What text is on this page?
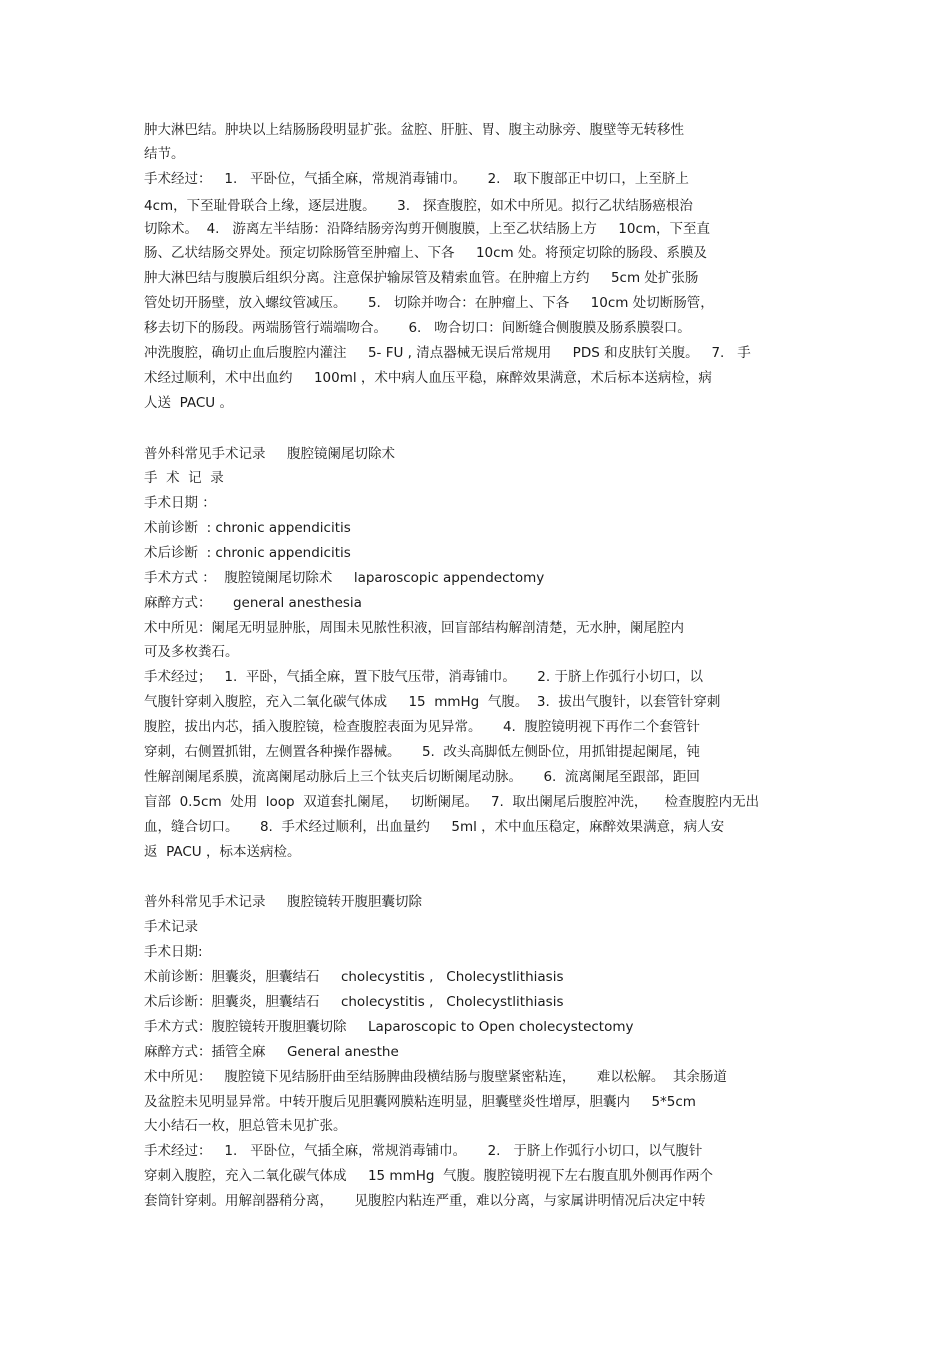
肿大淋巴结。肿块以上结肠肠段明显扩张。盆腔、肝脏、胃、腹主动脉旁、腹壁等无转移性
结节。
手术经过：   1.   平卧位，气插全麻，常规消毒铺巾。     2.   取下腹部正中切口，上至脐上
4cm，下至耻骨联合上缘，逐层进腹。     3.   探查腹腔，如术中所见。拟行乙状结肠癌根治
切除术。  4.   游离左半结肠：沿降结肠旁沟剪开侧腹膜，上至乙状结肠上方     10cm，下至直
肠、乙状结肠交界处。预定切除肠管至肿瘤上、下各     10cm 处。将预定切除的肠段、系膜及
肿大淋巴结与腹膜后组织分离。注意保护输尿管及精索血管。在肿瘤上方约     5cm 处扩张肠
管处切开肠壁，放入螺纹管减压。     5.   切除并吻合：在肿瘤上、下各     10cm 处切断肠管，
移去切下的肠段。两端肠管行端端吻合。     6.   吻合切口：间断缝合侧腹膜及肠系膜裂口。
冲洗腹腔，确切止血后腹腔内灌注     5- FU , 清点器械无误后常规用     PDS 和皮肤钉关腹。   7.   手
术经过顺利，术中出血约     100ml ，术中病人血压平稳，麻醉效果满意，术后标本送病检，病
人送  PACU 。
普外科常见手术记录     腹腔镜阑尾切除术
手  术  记  录
手术日期 ：
术前诊断  : chronic appendicitis
术后诊断  : chronic appendicitis
手术方式 ：  腹腔镜阑尾切除术     laparoscopic appendectomy
麻醉方式：     general anesthesia
术中所见：阑尾无明显肿胀，周围未见脓性积液，回盲部结构解剖清楚，无水肿，阑尾腔内
可及多枚粪石。
手术经过；   1.  平卧，气插全麻，置下肢气压带，消毒铺巾。     2. 于脐上作弧行小切口，以
气腹针穿刺入腹腔，充入二氧化碳气体成     15  mmHg  气腹。  3.  拔出气腹针，以套管针穿刺
腹腔，拔出内芯，插入腹腔镜，检查腹腔表面为见异常。     4.  腹腔镜明视下再作二个套管针
穿刺，右侧置抓钳，左侧置各种操作器械。     5.  改头高脚低左侧卧位，用抓钳提起阑尾，钝
性解剖阑尾系膜，流离阑尾动脉后上三个钛夹后切断阑尾动脉。     6.  流离阑尾至跟部，距回
盲部  0.5cm  处用  loop  双道套扎阑尾，   切断阑尾。   7.  取出阑尾后腹腔冲洗，    检查腹腔内无出
血，缝合切口。     8.  手术经过顺利，出血量约     5ml ，术中血压稳定，麻醉效果满意，病人安
返  PACU ，标本送病检。
普外科常见手术记录     腹腔镜转开腹胆囊切除
手术记录
手术日期:
术前诊断：胆囊炎，胆囊结石     cholecystitis ,   Cholecystlithiasis
术后诊断：胆囊炎，胆囊结石     cholecystitis ,   Cholecystlithiasis
手术方式：腹腔镜转开腹胆囊切除     Laparoscopic to Open cholecystectomy
麻醉方式：插管全麻     General anesthe
术中所见：   腹腔镜下见结肠肝曲至结肠脾曲段横结肠与腹壁紧密粘连，     难以松解。  其余肠道
及盆腔未见明显异常。中转开腹后见胆囊网膜粘连明显，胆囊壁炎性增厚，胆囊内     5*5cm
大小结石一枚，胆总管未见扩张。
手术经过：   1.   平卧位，气插全麻，常规消毒铺巾。     2.   于脐上作弧行小切口，以气腹针
穿刺入腹腔，充入二氧化碳气体成     15 mmHg  气腹。腹腔镜明视下左右腹直肌外侧再作两个
套筒针穿刺。用解剖器稍分离，     见腹腔内粘连严重，难以分离，与家属讲明情况后决定中转
